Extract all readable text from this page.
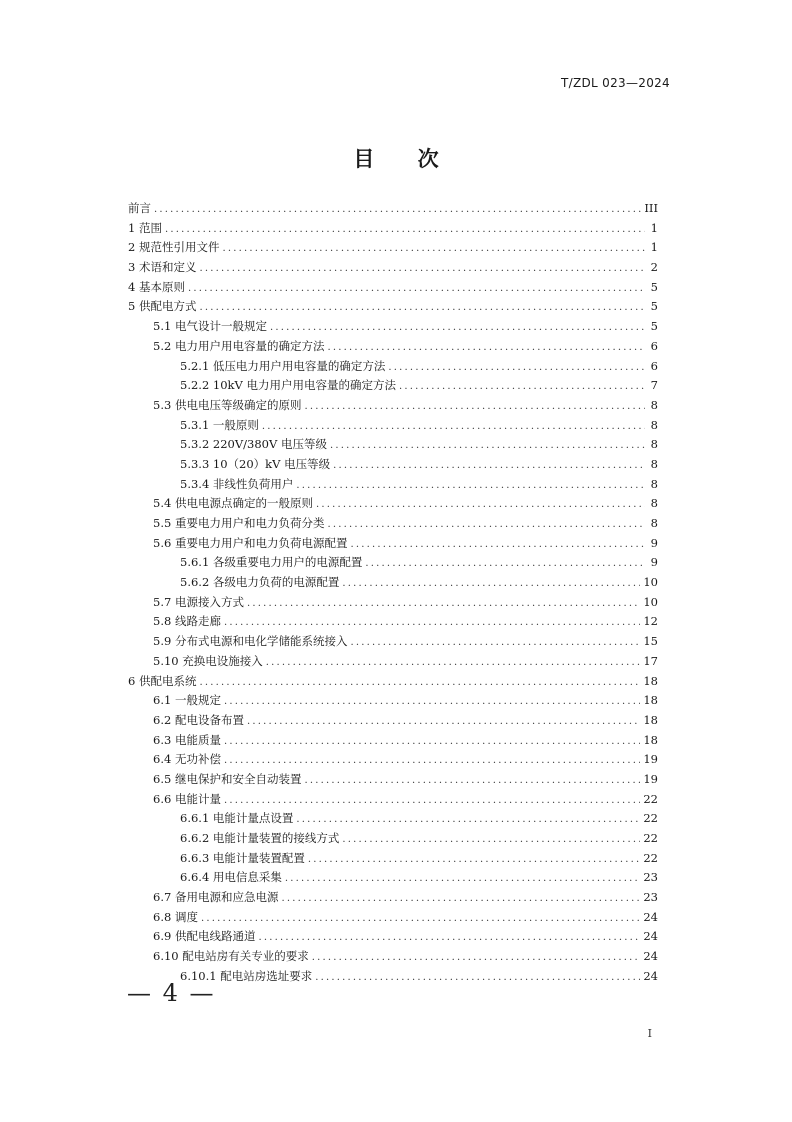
T/ZDL 023—2024
目 次
前言 .....	III
1 范围 .....	1
2 规范性引用文件 .....	1
3 术语和定义 .....	2
4 基本原则 .....	5
5 供配电方式 .....	5
5.1 电气设计一般规定 .....	5
5.2 电力用户用电容量的确定方法 .....	6
5.2.1 低压电力用户用电容量的确定方法 .....	6
5.2.2 10kV 电力用户用电容量的确定方法 .....	7
5.3 供电电压等级确定的原则 .....	8
5.3.1 一般原则 .....	8
5.3.2 220V/380V 电压等级 .....	8
5.3.3 10（20）kV 电压等级 .....	8
5.3.4 非线性负荷用户 .....	8
5.4 供电电源点确定的一般原则 .....	8
5.5 重要电力用户和电力负荷分类 .....	8
5.6 重要电力用户和电力负荷电源配置 .....	9
5.6.1 各级重要电力用户的电源配置 .....	9
5.6.2 各级电力负荷的电源配置 .....	10
5.7 电源接入方式 .....	10
5.8 线路走廊 .....	12
5.9 分布式电源和电化学储能系统接入 .....	15
5.10 充换电设施接入 .....	17
6 供配电系统 .....	18
6.1 一般规定 .....	18
6.2 配电设备布置 .....	18
6.3 电能质量 .....	18
6.4 无功补偿 .....	19
6.5 继电保护和安全自动装置 .....	19
6.6 电能计量 .....	22
6.6.1 电能计量点设置 .....	22
6.6.2 电能计量装置的接线方式 .....	22
6.6.3 电能计量装置配置 .....	22
6.6.4 用电信息采集 .....	23
6.7 备用电源和应急电源 .....	23
6.8 调度 .....	24
6.9 供配电线路通道 .....	24
6.10 配电站房有关专业的要求 .....	24
6.10.1 配电站房选址要求 .....	24
— 4 —
I
